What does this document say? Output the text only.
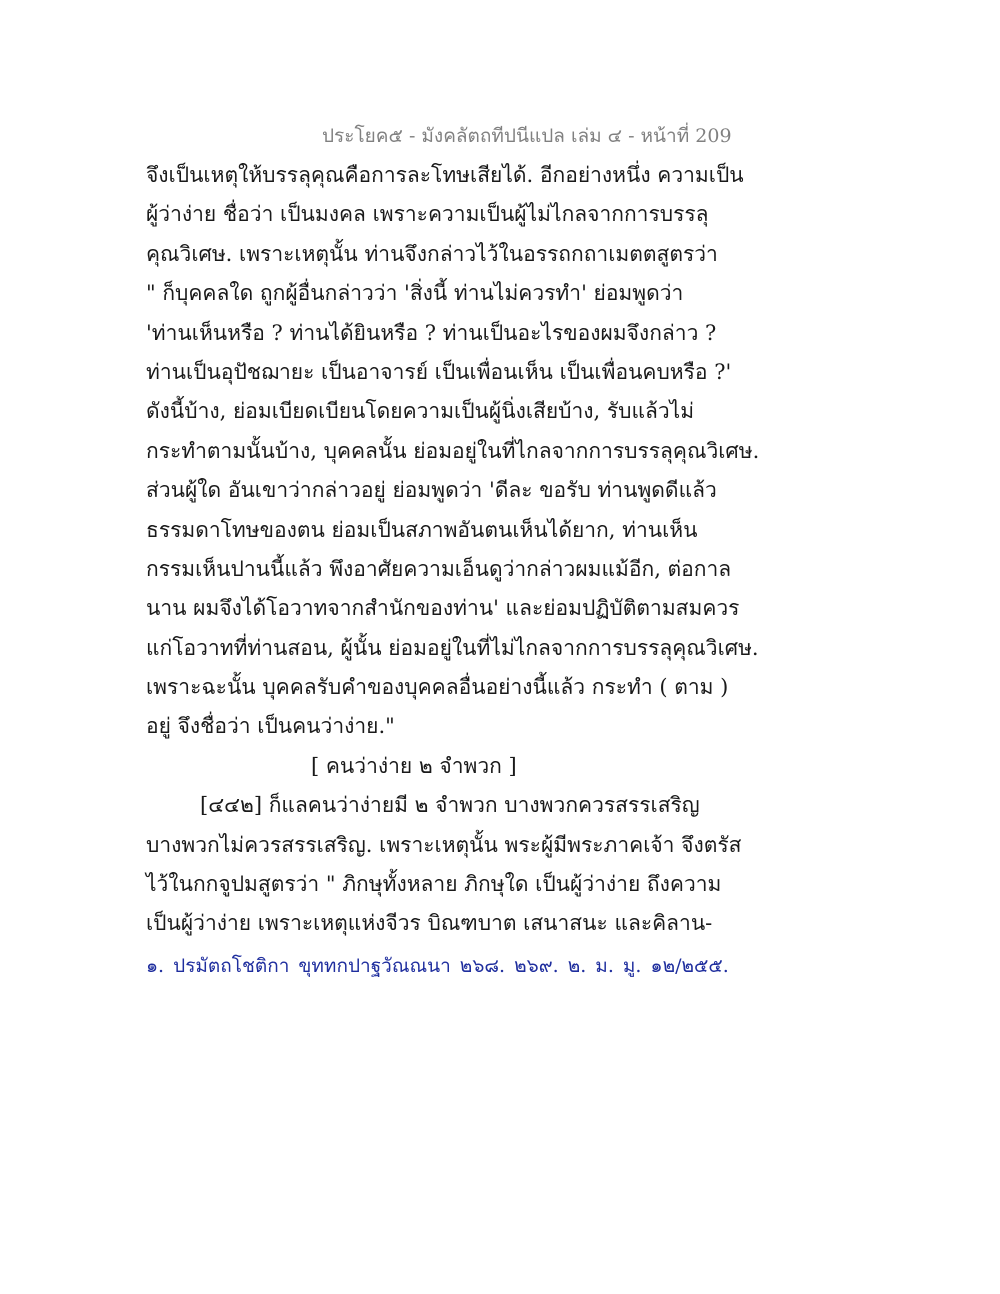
ประโยค๕ - มังคลัตถทีปนีแปล เล่ม ๔ - หน้าที่ 209
จึงเป็นเหตุให้บรรลุคุณคือการละโทษเสียได้. อีกอย่างหนึ่ง ความเป็น
ผู้ว่าง่าย ชื่อว่า เป็นมงคล เพราะความเป็นผู้ไม่ไกลจากการบรรลุ
คุณวิเศษ. เพราะเหตุนั้น ท่านจึงกล่าวไว้ในอรรถกถาเมตตสูตรว่า
" ก็บุคคลใด ถูกผู้อื่นกล่าวว่า 'สิ่งนี้ ท่านไม่ควรทำ' ย่อมพูดว่า
'ท่านเห็นหรือ ? ท่านได้ยินหรือ ? ท่านเป็นอะไรของผมจึงกล่าว ?
ท่านเป็นอุปัชฌายะ เป็นอาจารย์ เป็นเพื่อนเห็น เป็นเพื่อนคบหรือ ?'
ดังนี้บ้าง, ย่อมเบียดเบียนโดยความเป็นผู้นิ่งเสียบ้าง, รับแล้วไม่
กระทำตามนั้นบ้าง, บุคคลนั้น ย่อมอยู่ในที่ไกลจากการบรรลุคุณวิเศษ.
ส่วนผู้ใด อันเขาว่ากล่าวอยู่ ย่อมพูดว่า 'ดีละ ขอรับ ท่านพูดดีแล้ว
ธรรมดาโทษของตน ย่อมเป็นสภาพอันตนเห็นได้ยาก, ท่านเห็น
กรรมเห็นปานนี้แล้ว พึงอาศัยความเอ็นดูว่ากล่าวผมแม้อีก, ต่อกาล
นาน ผมจึงได้โอวาทจากสำนักของท่าน' และย่อมปฏิบัติตามสมควร
แก่โอวาทที่ท่านสอน, ผู้นั้น ย่อมอยู่ในที่ไม่ไกลจากการบรรลุคุณวิเศษ.
เพราะฉะนั้น บุคคลรับคำของบุคคลอื่นอย่างนี้แล้ว กระทำ ( ตาม )
อยู่ จึงชื่อว่า เป็นคนว่าง่าย."
[ คนว่าง่าย ๒ จำพวก ]
[๔๔๒] ก็แลคนว่าง่ายมี ๒ จำพวก บางพวกควรสรรเสริญ
บางพวกไม่ควรสรรเสริญ. เพราะเหตุนั้น พระผู้มีพระภาคเจ้า จึงตรัส
ไว้ในกกจูปมสูตรว่า " ภิกษุทั้งหลาย ภิกษุใด เป็นผู้ว่าง่าย ถึงความ
เป็นผู้ว่าง่าย เพราะเหตุแห่งจีวร บิณฑบาต เสนาสนะ และคิลาน-
๑. ปรมัตถโชติกา ขุททกปาฐวัณณนา ๒๖๘. ๒๖๙. ๒. ม. มู. ๑๒/๒๕๕.
